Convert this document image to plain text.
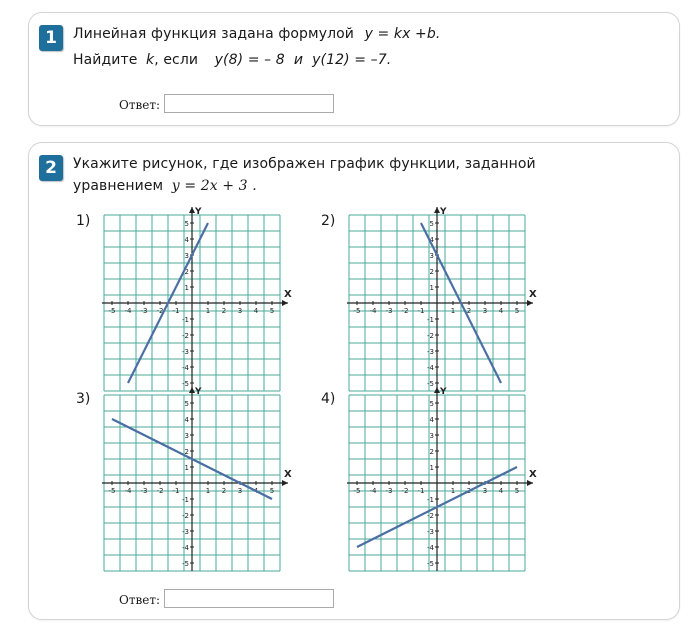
1	Линейная функция задана формулой y = kx +b.
Найдите k, если y(8) = – 8  и  y(12) = –7.
Ответ:
2	Укажите рисунок, где изображен график функции, заданной
уравнением y = 2x + 3 .
1)	2)
3)	4)
X
Y
-5 -4 -3 -2 -1	1 2 3 4 5
-5
-4
-3
-2
-1
1
2
3
4
5
X
Y
-5 -4 -3 -2 -1	1 2 3 4 5
-5
-4
-3
-2
-1
1
2
3
4
5
X
Y
-5 -4 -3 -2 -1	1 2 3 4 5
-5
-4
-3
-2
-1
1
2
3
4
5
X
Y
-5 -4 -3 -2 -1	1 2 3 4 5
-5
-4
-3
-2
-1
1
2
3
4
5
Ответ:
